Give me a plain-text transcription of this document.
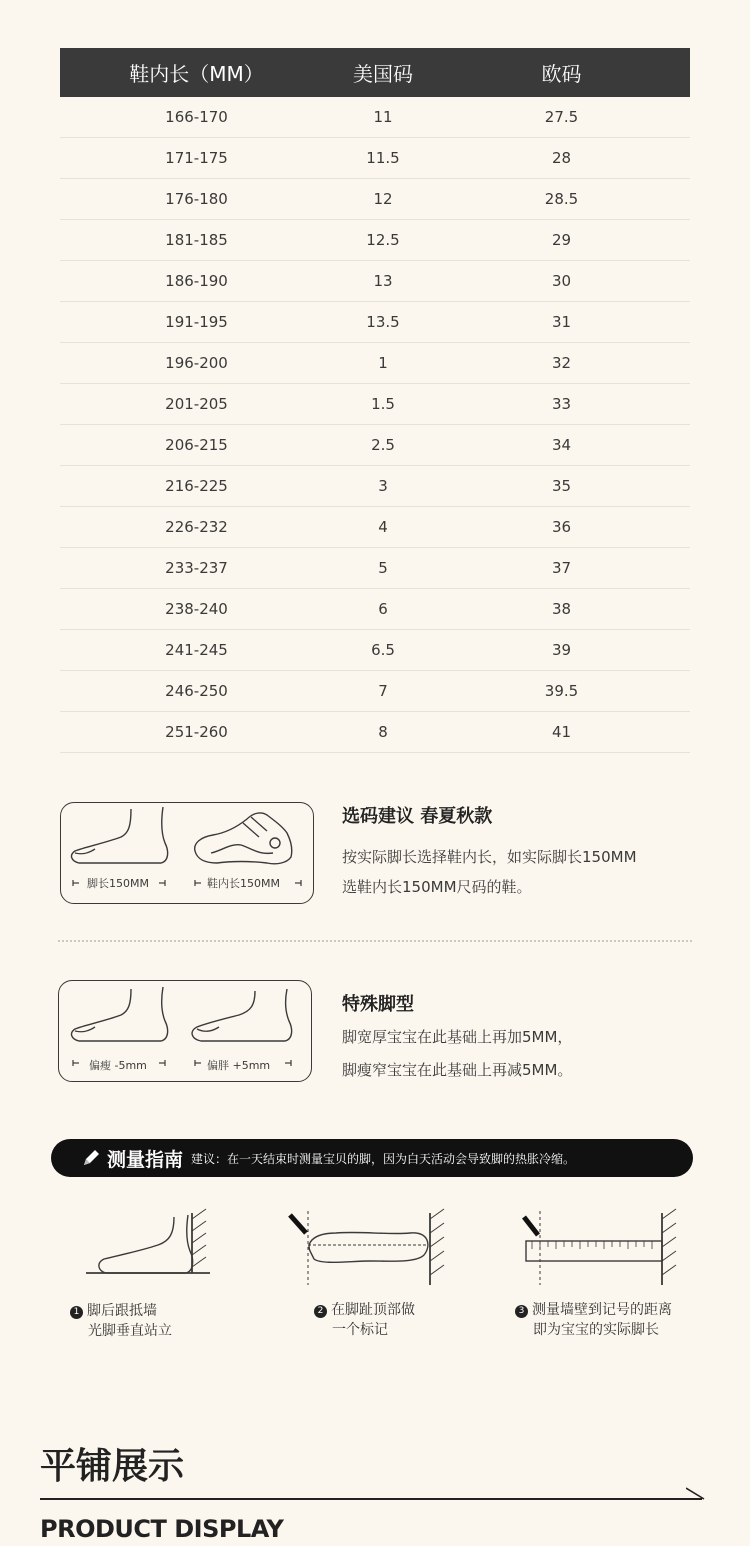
鞋内长（MM）	美国码	欧码
166-170	11	27.5
171-175	11.5	28
176-180	12	28.5
181-185	12.5	29
186-190	13	30
191-195	13.5	31
196-200	1	32
201-205	1.5	33
206-215	2.5	34
216-225	3	35
226-232	4	36
233-237	5	37
238-240	6	38
241-245	6.5	39
246-250	7	39.5
251-260	8	41
脚长150MM	鞋内长150MM
选码建议 春夏秋款
按实际脚长选择鞋内长，如实际脚长150MM
选鞋内长150MM尺码的鞋。
偏瘦 -5mm	偏胖 +5mm
特殊脚型
脚宽厚宝宝在此基础上再加5MM，
脚瘦窄宝宝在此基础上再减5MM。
测量指南 建议：在一天结束时测量宝贝的脚，因为白天活动会导致脚的热胀冷缩。
1 脚后跟抵墙
光脚垂直站立
2 在脚趾顶部做
一个标记
3 测量墙壁到记号的距离
即为宝宝的实际脚长
平铺展示
PRODUCT DISPLAY
